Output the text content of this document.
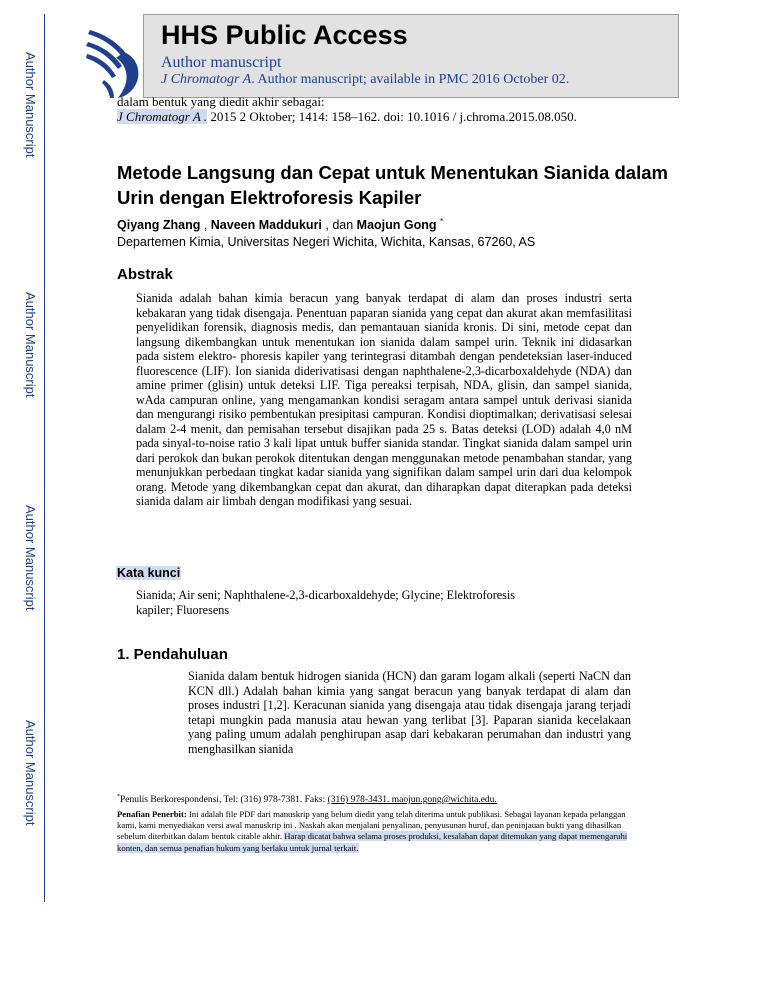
Author Manuscript
Author Manuscript
Author Manuscript
Author Manuscript
HHS Public Access
Author manuscript
J Chromatogr A. Author manuscript; available in PMC 2016 October 02.
dalam bentuk yang diedit akhir sebagai:
J Chromatogr A . 2015 2 Oktober; 1414: 158–162. doi: 10.1016 / j.chroma.2015.08.050.
Metode Langsung dan Cepat untuk Menentukan Sianida dalam Urin dengan Elektroforesis Kapiler
Qiyang Zhang , Naveen Maddukuri , dan Maojun Gong *
Departemen Kimia, Universitas Negeri Wichita, Wichita, Kansas, 67260, AS
Abstrak
Sianida adalah bahan kimia beracun yang banyak terdapat di alam dan proses industri serta kebakaran yang tidak disengaja. Penentuan paparan sianida yang cepat dan akurat akan memfasilitasi penyelidikan forensik, diagnosis medis, dan pemantauan sianida kronis. Di sini, metode cepat dan langsung dikembangkan untuk menentukan ion sianida dalam sampel urin. Teknik ini didasarkan pada sistem elektro- phoresis kapiler yang terintegrasi ditambah dengan pendeteksian laser-induced fluorescence (LIF). Ion sianida diderivatisasi dengan naphthalene-2,3-dicarboxaldehyde (NDA) dan amine primer (glisin) untuk deteksi LIF. Tiga pereaksi terpisah, NDA, glisin, dan sampel sianida, wAda campuran online, yang mengamankan kondisi seragam antara sampel untuk derivasi sianida dan mengurangi risiko pembentukan presipitasi campuran. Kondisi dioptimalkan; derivatisasi selesai dalam 2-4 menit, dan pemisahan tersebut disajikan pada 25 s. Batas deteksi (LOD) adalah 4,0 nM pada sinyal-to-noise ratio 3 kali lipat untuk buffer sianida standar. Tingkat sianida dalam sampel urin dari perokok dan bukan perokok ditentukan dengan menggunakan metode penambahan standar, yang menunjukkan perbedaan tingkat kadar sianida yang signifikan dalam sampel urin dari dua kelompok orang. Metode yang dikembangkan cepat dan akurat, dan diharapkan dapat diterapkan pada deteksi sianida dalam air limbah dengan modifikasi yang sesuai.
Kata kunci
Sianida; Air seni; Naphthalene-2,3-dicarboxaldehyde; Glycine; Elektroforesis kapiler; Fluoresens
1. Pendahuluan
Sianida dalam bentuk hidrogen sianida (HCN) dan garam logam alkali (seperti NaCN dan KCN dll.) Adalah bahan kimia yang sangat beracun yang banyak terdapat di alam dan proses industri [1,2]. Keracunan sianida yang disengaja atau tidak disengaja jarang terjadi tetapi mungkin pada manusia atau hewan yang terlibat [3]. Paparan sianida kecelakaan yang paling umum adalah penghirupan asap dari kebakaran perumahan dan industri yang menghasilkan sianida
*Penulis Berkorespondensi, Tel: (316) 978-7381. Faks: (316) 978-3431. maojun.gong@wichita.edu.
Penafian Penerbit: Ini adalah file PDF dari manuskrip yang belum diedit yang telah diterima untuk publikasi. Sebagai layanan kepada pelanggan kami, kami menyediakan versi awal manuskrip ini . Naskah akan menjalani penyalinan, penyusunan huruf, dan peninjauan bukti yang dihasilkan sebelum diterbitkan dalam bentuk citable akhir. Harap dicatat bahwa selama proses produksi, kesalahan dapat ditemukan yang dapat memengaruhi konten, dan semua penafian hukum yang berlaku untuk jurnal terkait.
